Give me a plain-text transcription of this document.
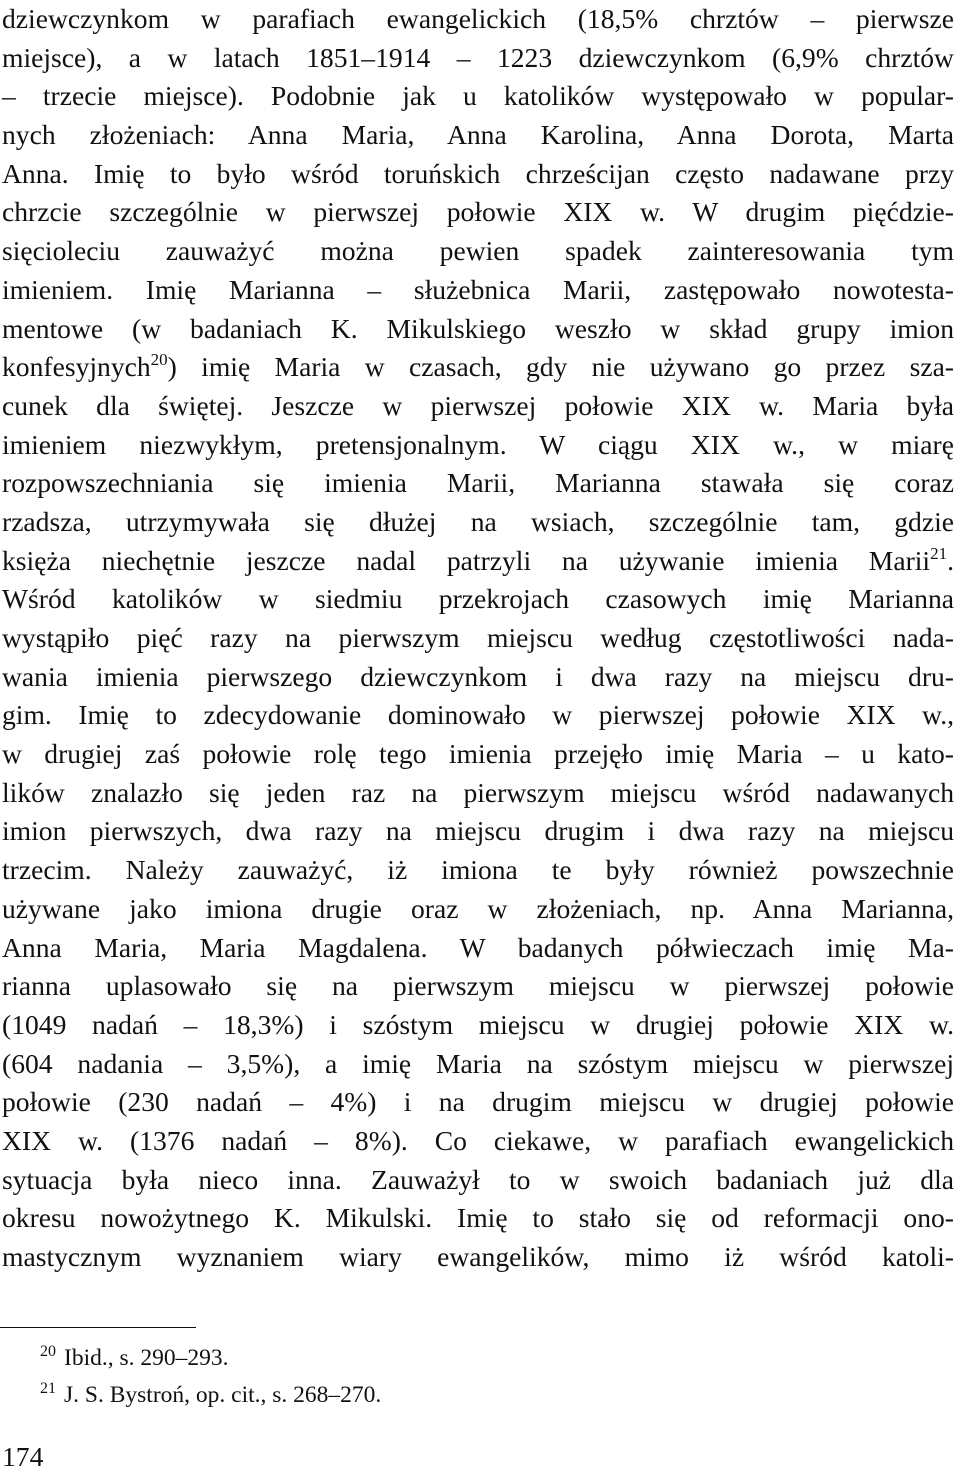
dziewczynkom w parafiach ewangelickich (18,5% chrztów – pierwsze
miejsce), a w latach 1851–1914 – 1223 dziewczynkom (6,9% chrztów
– trzecie miejsce). Podobnie jak u katolików występowało w popular-
nych złożeniach: Anna Maria, Anna Karolina, Anna Dorota, Marta
Anna. Imię to było wśród toruńskich chrześcijan często nadawane przy
chrzcie szczególnie w pierwszej połowie XIX w. W drugim pięćdzie-
sięcioleciu zauważyć można pewien spadek zainteresowania tym
imieniem. Imię Marianna – służebnica Marii, zastępowało nowotesta-
mentowe (w badaniach K. Mikulskiego weszło w skład grupy imion
konfesyjnych$^{20}$) imię Maria w czasach, gdy nie używano go przez sza-
cunek dla świętej. Jeszcze w pierwszej połowie XIX w. Maria była
imieniem niezwykłym, pretensjonalnym. W ciągu XIX w., w miarę
rozpowszechniania się imienia Marii, Marianna stawała się coraz
rzadsza, utrzymywała się dłużej na wsiach, szczególnie tam, gdzie
księża niechętnie jeszcze nadal patrzyli na używanie imienia Marii$^{21}$.
Wśród katolików w siedmiu przekrojach czasowych imię Marianna
wystąpiło pięć razy na pierwszym miejscu według częstotliwości nada-
wania imienia pierwszego dziewczynkom i dwa razy na miejscu dru-
gim. Imię to zdecydowanie dominowało w pierwszej połowie XIX w.,
w drugiej zaś połowie rolę tego imienia przejęło imię Maria – u kato-
lików znalazło się jeden raz na pierwszym miejscu wśród nadawanych
imion pierwszych, dwa razy na miejscu drugim i dwa razy na miejscu
trzecim. Należy zauważyć, iż imiona te były również powszechnie
używane jako imiona drugie oraz w złożeniach, np. Anna Marianna,
Anna Maria, Maria Magdalena. W badanych półwieczach imię Ma-
rianna uplasowało się na pierwszym miejscu w pierwszej połowie
(1049 nadań – 18,3%) i szóstym miejscu w drugiej połowie XIX w.
(604 nadania – 3,5%), a imię Maria na szóstym miejscu w pierwszej
połowie (230 nadań – 4%) i na drugim miejscu w drugiej połowie
XIX w. (1376 nadań – 8%). Co ciekawe, w parafiach ewangelickich
sytuacja była nieco inna. Zauważył to w swoich badaniach już dla
okresu nowożytnego K. Mikulski. Imię to stało się od reformacji ono-
mastycznym wyznaniem wiary ewangelików, mimo iż wśród katoli-
$^{20}$ Ibid., s. 290–293.
$^{21}$ J. S. Bystroń, op. cit., s. 268–270.
174
